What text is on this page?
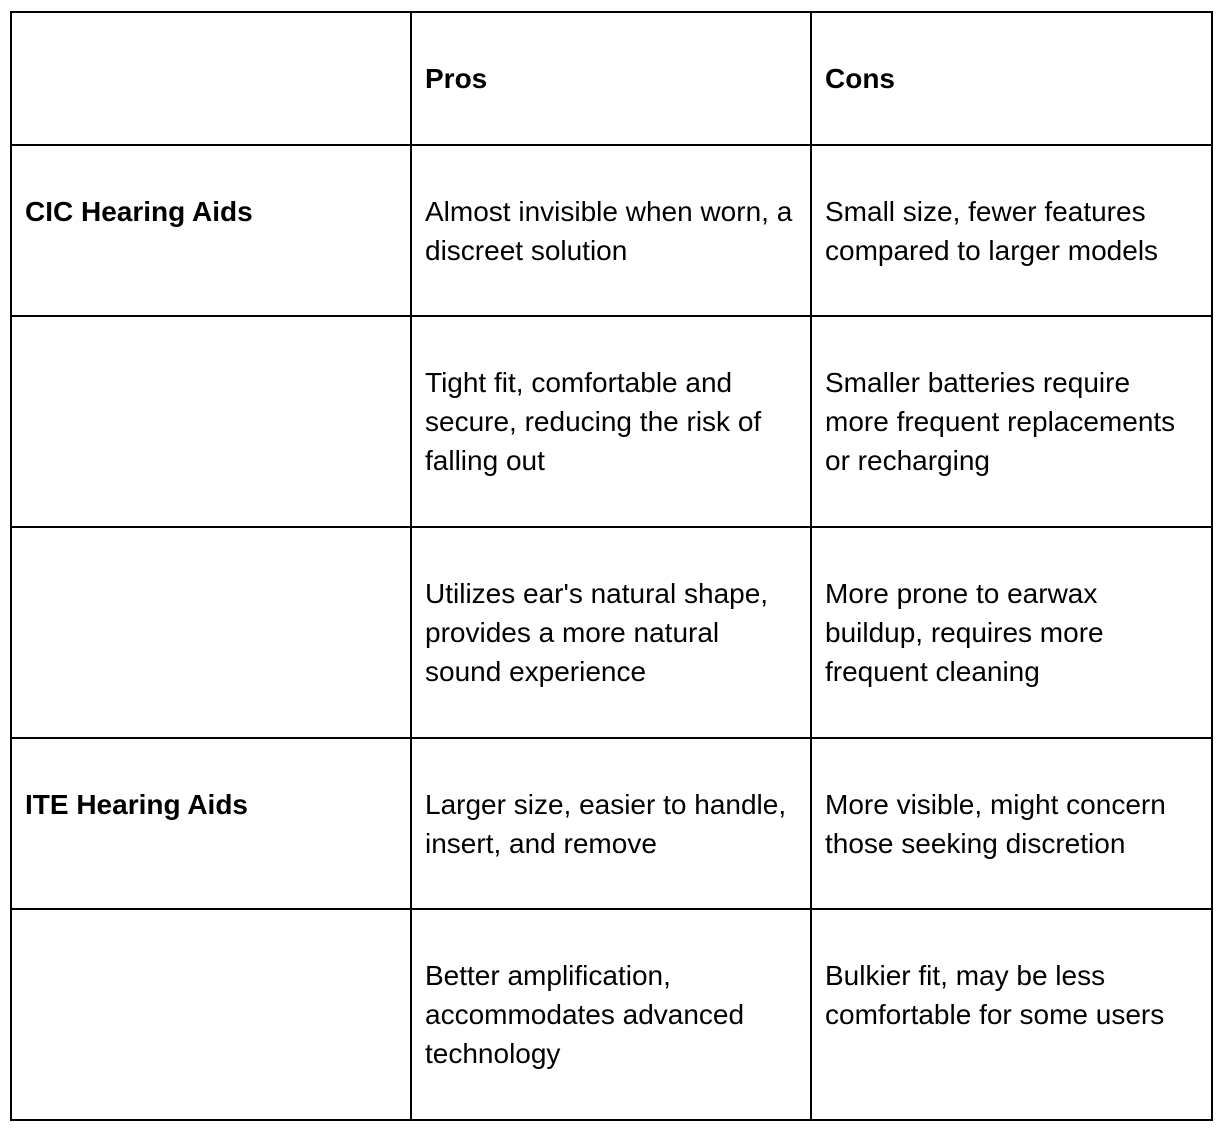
	Pros	Cons
CIC Hearing Aids	Almost invisible when worn, a discreet solution	Small size, fewer features compared to larger models
	Tight fit, comfortable and secure, reducing the risk of falling out	Smaller batteries require more frequent replacements or recharging
	Utilizes ear's natural shape, provides a more natural sound experience	More prone to earwax buildup, requires more frequent cleaning
ITE Hearing Aids	Larger size, easier to handle, insert, and remove	More visible, might concern those seeking discretion
	Better amplification, accommodates advanced technology	Bulkier fit, may be less comfortable for some users
